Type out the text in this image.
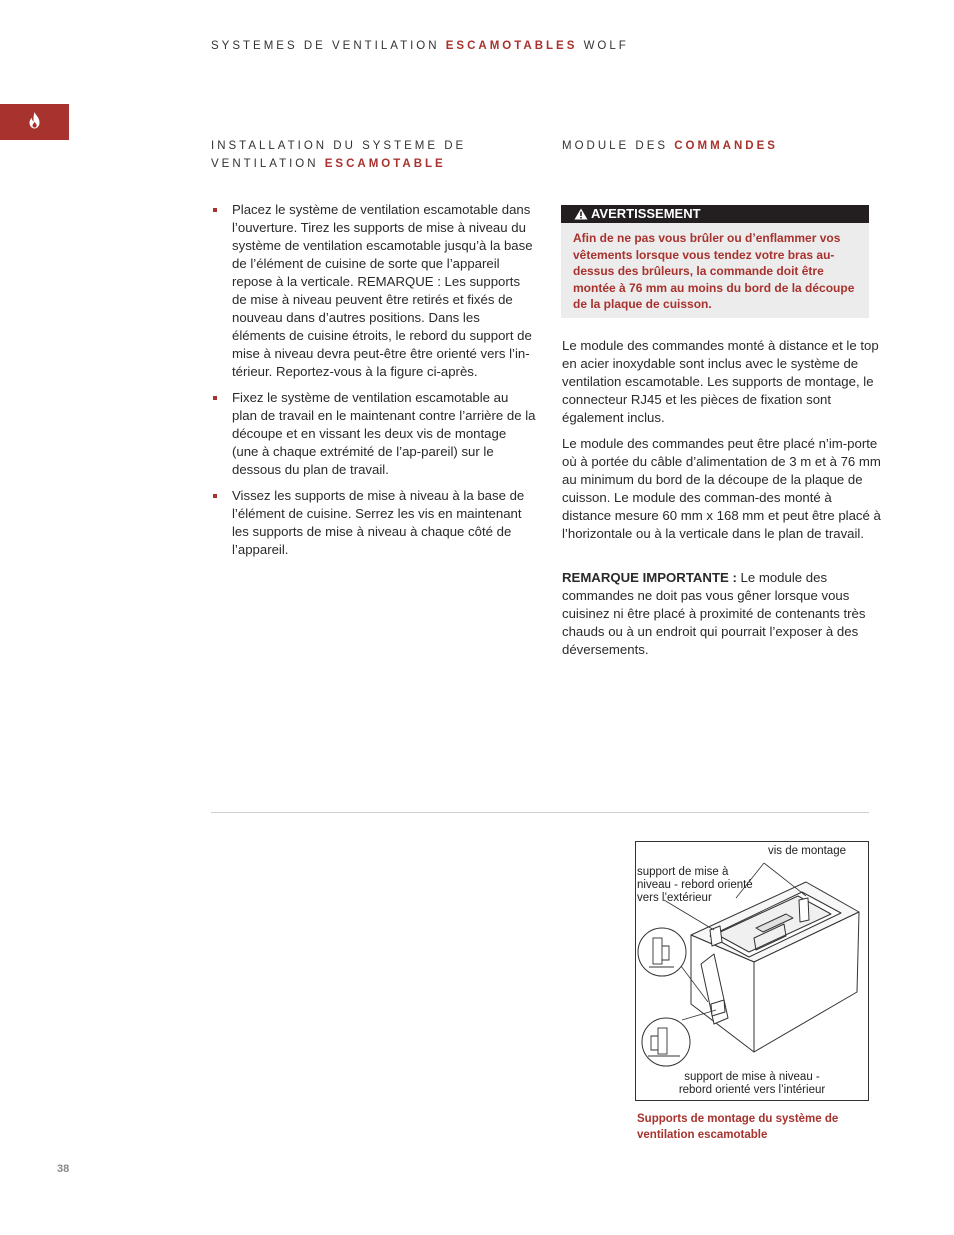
SYSTEMES DE VENTILATION ESCAMOTABLES WOLF
INSTALLATION DU SYSTEME DE
VENTILATION ESCAMOTABLE
Placez le système de ventilation escamotable dans l’ouverture. Tirez les supports de mise à niveau du système de ventilation escamotable jusqu’à la base de l’élément de cuisine de sorte que l’appareil repose à la verticale. REMARQUE : Les supports de mise à niveau peuvent être retirés et fixés de nouveau dans d’autres positions. Dans les éléments de cuisine étroits, le rebord du support de mise à niveau devra peut-être être orienté vers l’in-térieur. Reportez-vous à la figure ci-après.
Fixez le système de ventilation escamotable au plan de travail en le maintenant contre l’arrière de la découpe et en vissant les deux vis de montage (une à chaque extrémité de l’ap-pareil) sur le dessous du plan de travail.
Vissez les supports de mise à niveau à la base de l’élément de cuisine. Serrez les vis en maintenant les supports de mise à niveau à chaque côté de l’appareil.
MODULE DES COMMANDES
AVERTISSEMENT
Afin de ne pas vous brûler ou d’enflammer vos vêtements lorsque vous tendez votre bras au-dessus des brûleurs, la commande doit être montée à 76 mm au moins du bord de la découpe de la plaque de cuisson.

Le module des commandes monté à distance et le top en acier inoxydable sont inclus avec le système de ventilation escamotable. Les supports de montage, le connecteur RJ45 et les pièces de fixation sont également inclus.

Le module des commandes peut être placé n’im-porte où à portée du câble d’alimentation de 3 m et à 76 mm au minimum du bord de la découpe de la plaque de cuisson. Le module des comman-des monté à distance mesure 60 mm x 168 mm et peut être placé à l’horizontale ou à la verticale dans le plan de travail.

REMARQUE IMPORTANTE : Le module des commandes ne doit pas vous gêner lorsque vous cuisinez ni être placé à proximité de contenants très chauds ou à un endroit qui pourrait l’exposer à des déversements.

vis de montage
support de mise à
niveau - rebord orienté
vers l’extérieur
support de mise à niveau -
rebord orienté vers l’intérieur
Supports de montage du système de
ventilation escamotable
38
